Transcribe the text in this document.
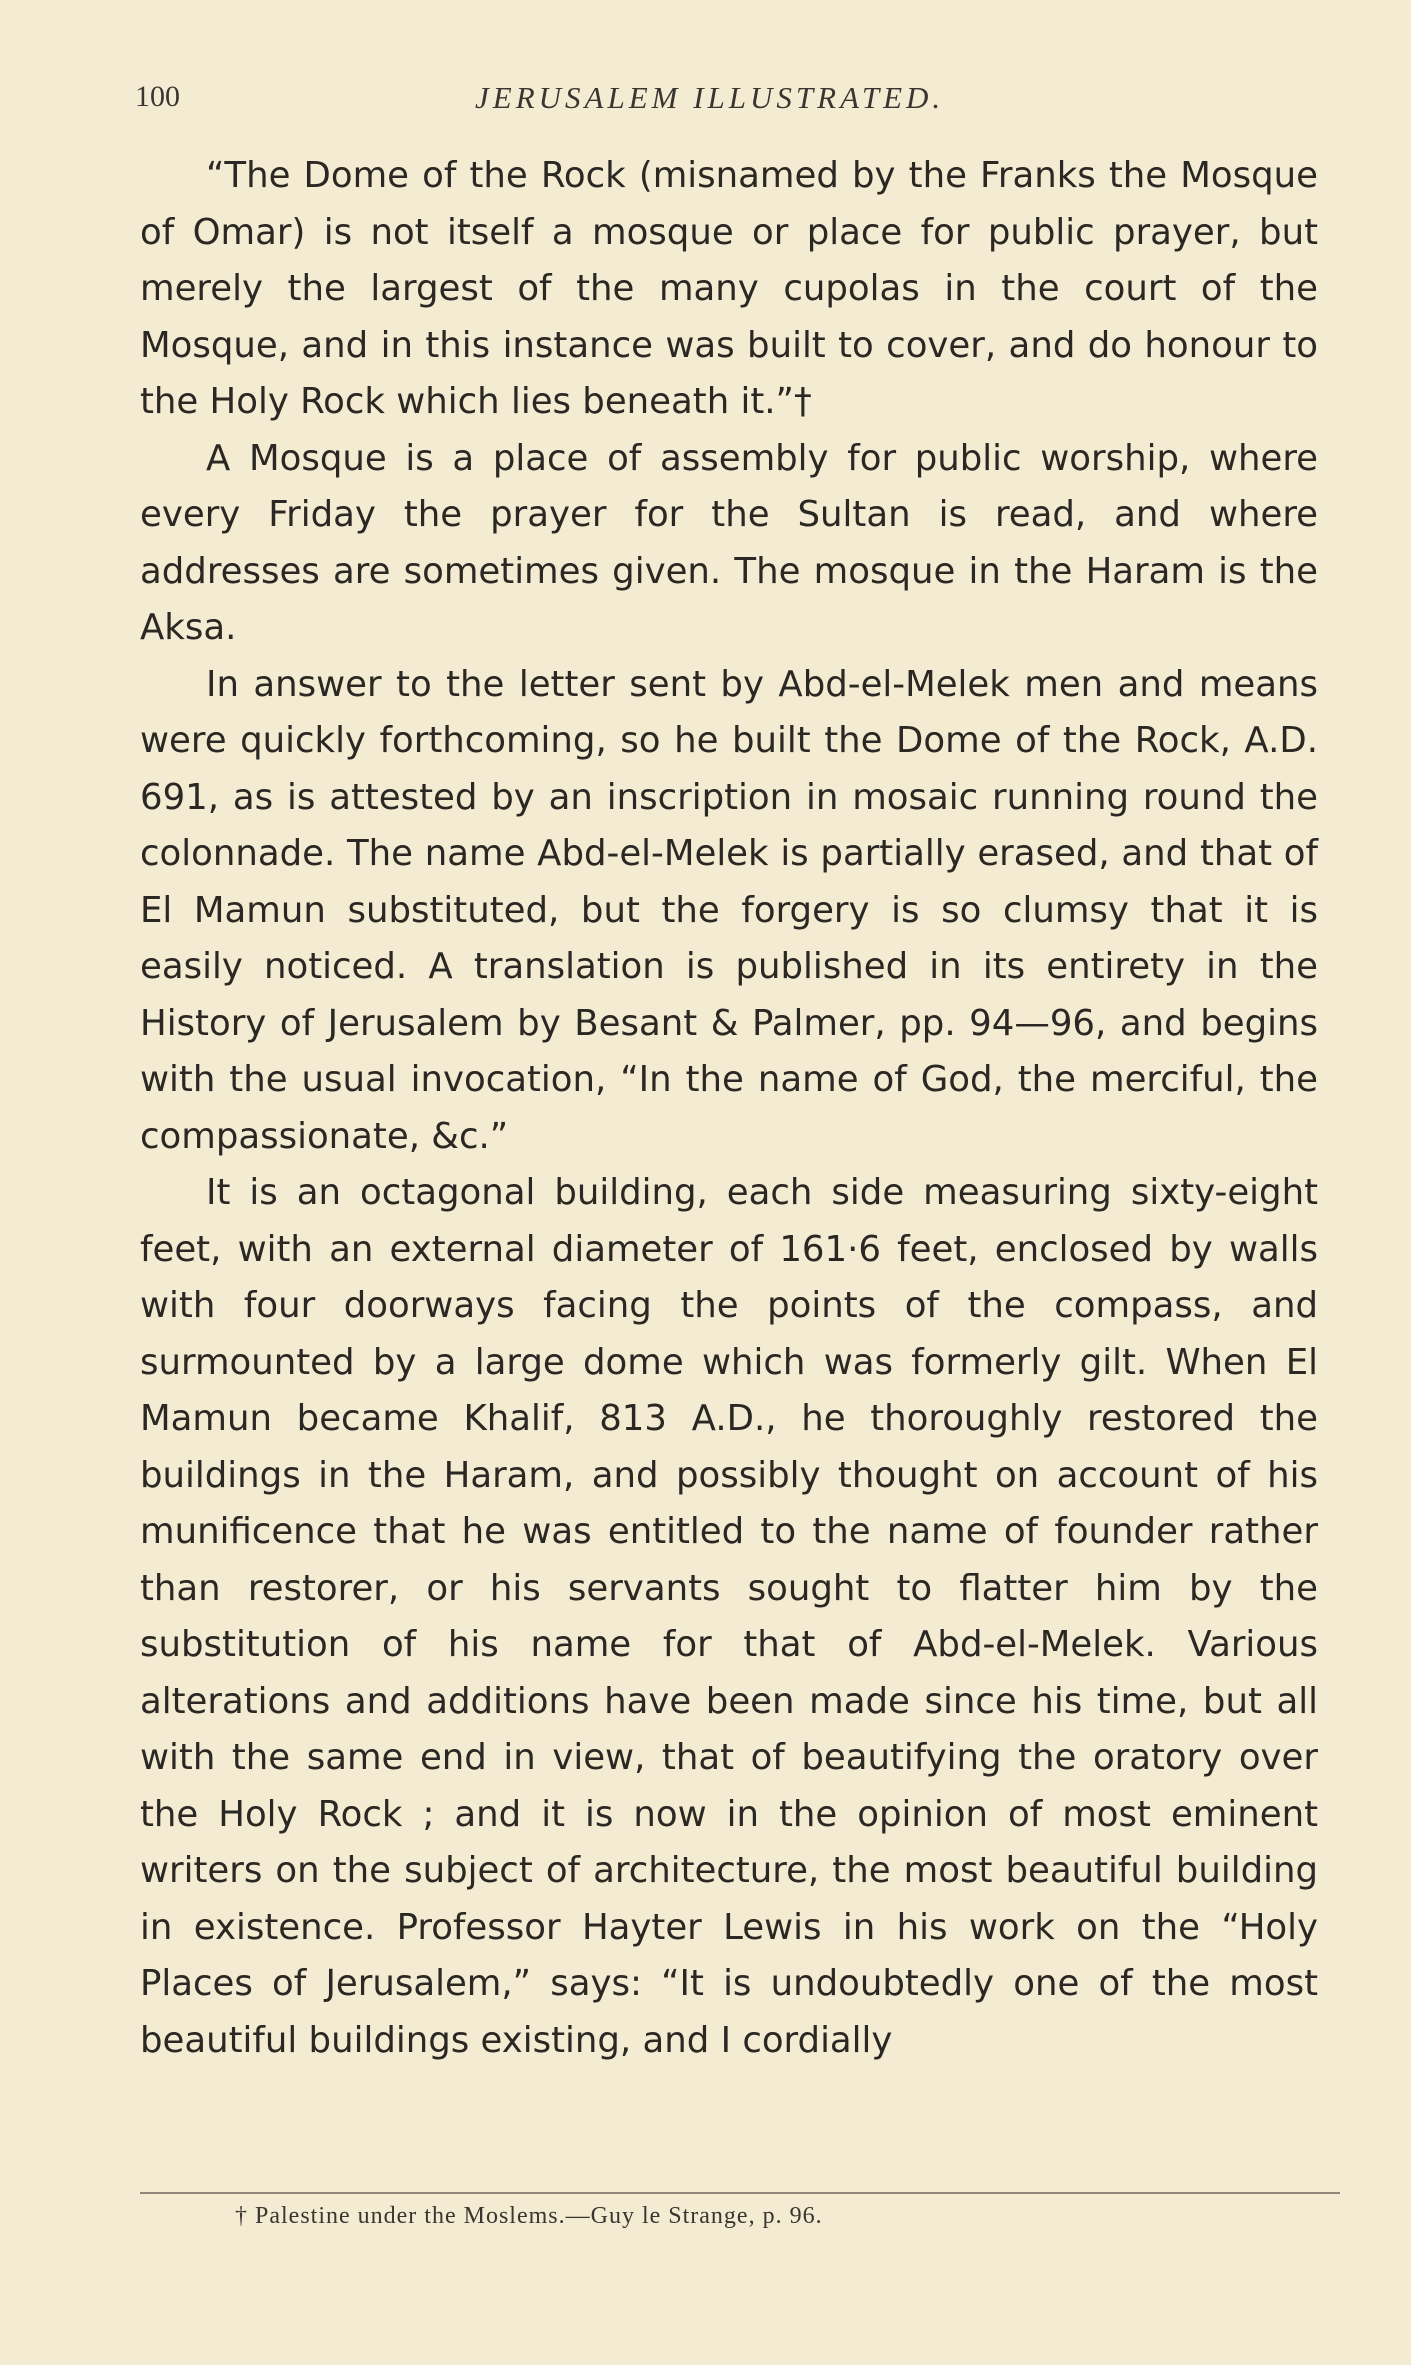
100	JERUSALEM ILLUSTRATED.

“The Dome of the Rock (misnamed by the Franks the Mosque of Omar) is not itself a mosque or place for public prayer, but merely the largest of the many cupolas in the court of the Mosque, and in this instance was built to cover, and do honour to the Holy Rock which lies beneath it.”†

A Mosque is a place of assembly for public worship, where every Friday the prayer for the Sultan is read, and where addresses are sometimes given. The mosque in the Haram is the Aksa.

In answer to the letter sent by Abd-el-Melek men and means were quickly forthcoming, so he built the Dome of the Rock, A.D. 691, as is attested by an inscription in mosaic running round the colonnade. The name Abd-el-Melek is partially erased, and that of El Mamun substituted, but the forgery is so clumsy that it is easily noticed. A translation is published in its entirety in the History of Jerusalem by Besant & Palmer, pp. 94—96, and begins with the usual invocation, “In the name of God, the merciful, the compassionate, &c.”

It is an octagonal building, each side measuring sixty-eight feet, with an external diameter of 161·6 feet, enclosed by walls with four doorways facing the points of the compass, and surmounted by a large dome which was formerly gilt. When El Mamun became Khalif, 813 A.D., he thoroughly restored the buildings in the Haram, and possibly thought on account of his munificence that he was entitled to the name of founder rather than restorer, or his servants sought to flatter him by the substitution of his name for that of Abd-el-Melek. Various alterations and additions have been made since his time, but all with the same end in view, that of beautifying the oratory over the Holy Rock ; and it is now in the opinion of most eminent writers on the subject of architecture, the most beautiful building in existence. Professor Hayter Lewis in his work on the “Holy Places of Jerusalem,” says: “It is undoubtedly one of the most beautiful buildings existing, and I cordially

† Palestine under the Moslems.—Guy le Strange, p. 96.
